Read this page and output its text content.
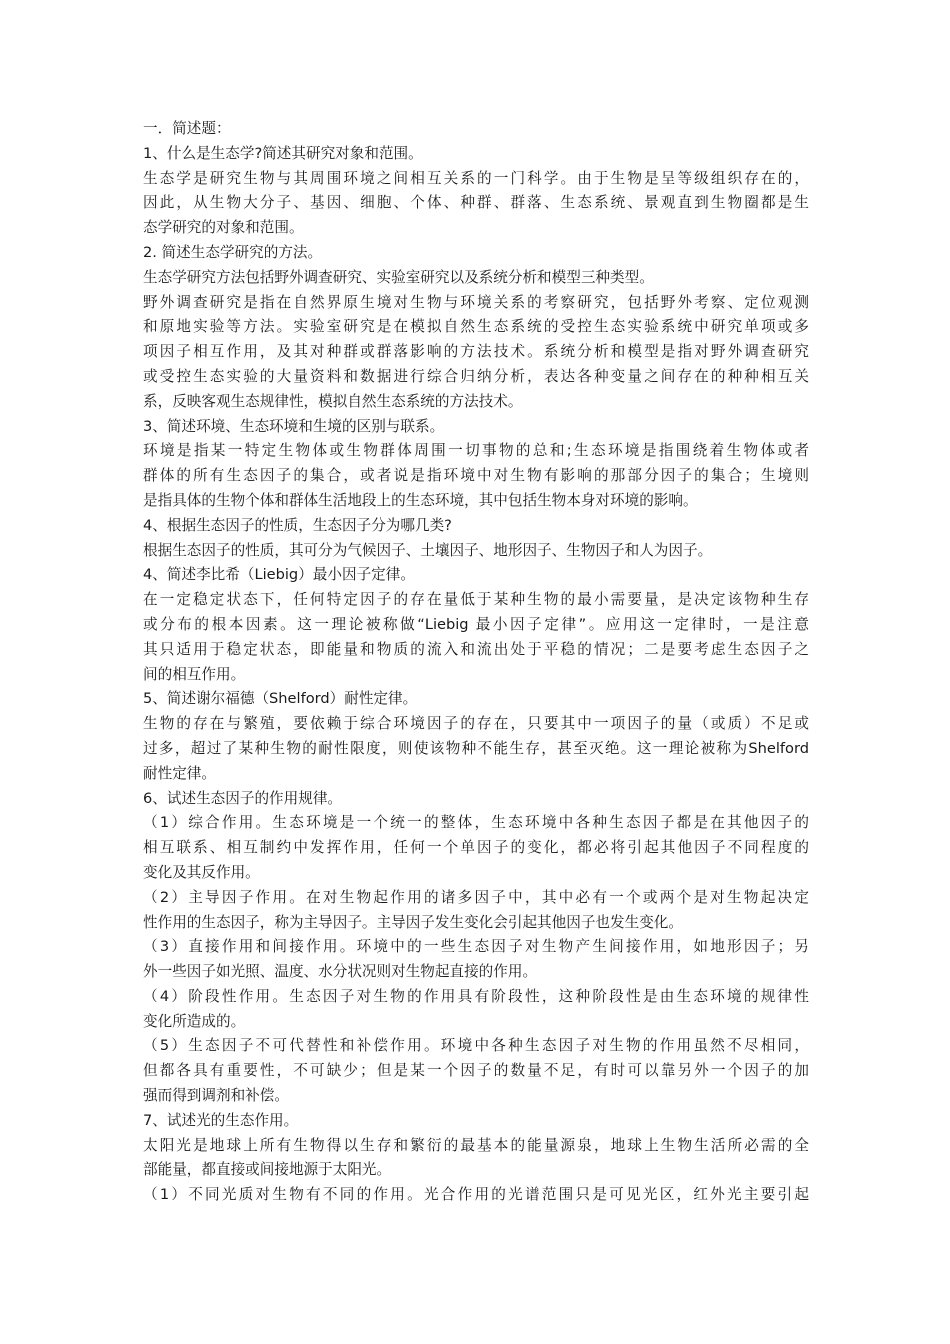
一．简述题：
1、什么是生态学?简述其研究对象和范围。
生态学是研究生物与其周围环境之间相互关系的一门科学。由于生物是呈等级组织存在的，
因此，从生物大分子、基因、细胞、个体、种群、群落、生态系统、景观直到生物圈都是生
态学研究的对象和范围。
2. 简述生态学研究的方法。
生态学研究方法包括野外调查研究、实验室研究以及系统分析和模型三种类型。
野外调查研究是指在自然界原生境对生物与环境关系的考察研究，包括野外考察、定位观测
和原地实验等方法。实验室研究是在模拟自然生态系统的受控生态实验系统中研究单项或多
项因子相互作用，及其对种群或群落影响的方法技术。系统分析和模型是指对野外调查研究
或受控生态实验的大量资料和数据进行综合归纳分析，表达各种变量之间存在的种种相互关
系，反映客观生态规律性，模拟自然生态系统的方法技术。
3、简述环境、生态环境和生境的区别与联系。
环境是指某一特定生物体或生物群体周围一切事物的总和;生态环境是指围绕着生物体或者
群体的所有生态因子的集合，或者说是指环境中对生物有影响的那部分因子的集合；生境则
是指具体的生物个体和群体生活地段上的生态环境，其中包括生物本身对环境的影响。
4、根据生态因子的性质，生态因子分为哪几类?
根据生态因子的性质，其可分为气候因子、土壤因子、地形因子、生物因子和人为因子。
4、简述李比希（Liebig）最小因子定律。
在一定稳定状态下，任何特定因子的存在量低于某种生物的最小需要量，是决定该物种生存
或分布的根本因素。这一理论被称做“Liebig 最小因子定律”。应用这一定律时，一是注意
其只适用于稳定状态，即能量和物质的流入和流出处于平稳的情况；二是要考虑生态因子之
间的相互作用。
5、简述谢尔福德（Shelford）耐性定律。
生物的存在与繁殖，要依赖于综合环境因子的存在，只要其中一项因子的量（或质）不足或
过多，超过了某种生物的耐性限度，则使该物种不能生存，甚至灭绝。这一理论被称为Shelford
耐性定律。
6、试述生态因子的作用规律。
（1）综合作用。生态环境是一个统一的整体，生态环境中各种生态因子都是在其他因子的
相互联系、相互制约中发挥作用，任何一个单因子的变化，都必将引起其他因子不同程度的
变化及其反作用。
（2）主导因子作用。在对生物起作用的诸多因子中，其中必有一个或两个是对生物起决定
性作用的生态因子，称为主导因子。主导因子发生变化会引起其他因子也发生变化。
（3）直接作用和间接作用。环境中的一些生态因子对生物产生间接作用，如地形因子；另
外一些因子如光照、温度、水分状况则对生物起直接的作用。
（4）阶段性作用。生态因子对生物的作用具有阶段性，这种阶段性是由生态环境的规律性
变化所造成的。
（5）生态因子不可代替性和补偿作用。环境中各种生态因子对生物的作用虽然不尽相同，
但都各具有重要性，不可缺少；但是某一个因子的数量不足，有时可以靠另外一个因子的加
强而得到调剂和补偿。
7、试述光的生态作用。
太阳光是地球上所有生物得以生存和繁衍的最基本的能量源泉，地球上生物生活所必需的全
部能量，都直接或间接地源于太阳光。
（1）不同光质对生物有不同的作用。光合作用的光谱范围只是可见光区，红外光主要引起
